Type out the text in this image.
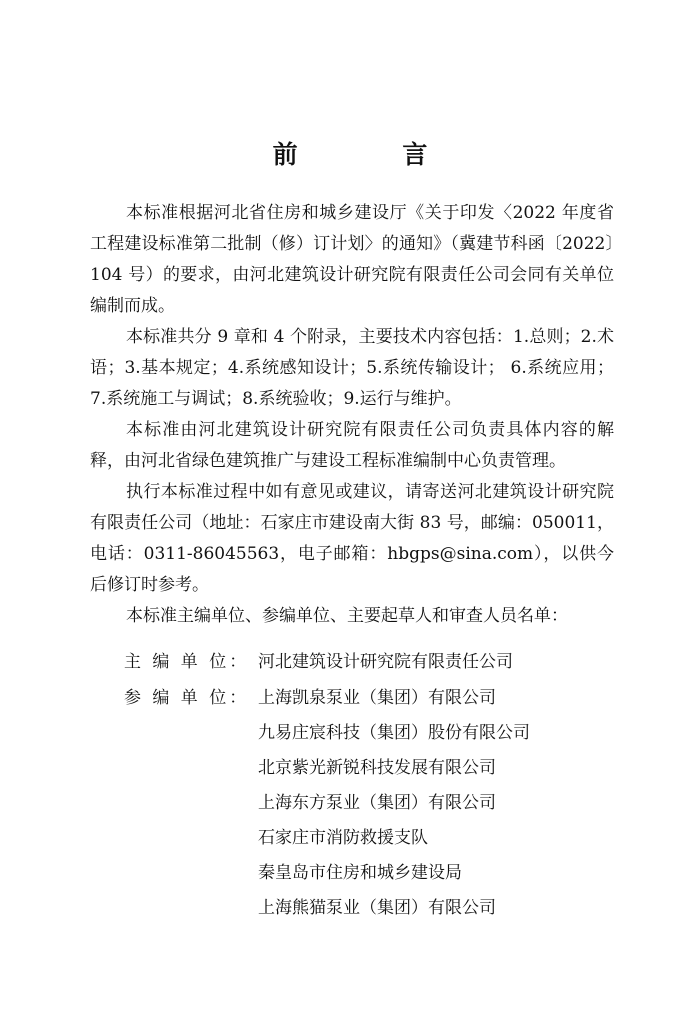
前 言

本标准根据河北省住房和城乡建设厅《关于印发〈2022 年度省工程建设标准第二批制（修）订计划〉的通知》（冀建节科函〔2022〕104 号）的要求，由河北建筑设计研究院有限责任公司会同有关单位编制而成。

本标准共分 9 章和 4 个附录，主要技术内容包括：1.总则；2.术语；3.基本规定；4.系统感知设计；5.系统传输设计； 6.系统应用；7.系统施工与调试；8.系统验收；9.运行与维护。

本标准由河北建筑设计研究院有限责任公司负责具体内容的解释，由河北省绿色建筑推广与建设工程标准编制中心负责管理。

执行本标准过程中如有意见或建议，请寄送河北建筑设计研究院有限责任公司（地址：石家庄市建设南大街 83 号，邮编：050011，电话：0311-86045563，电子邮箱：hbgps@sina.com），以供今后修订时参考。

本标准主编单位、参编单位、主要起草人和审查人员名单：

主 编 单 位： 河北建筑设计研究院有限责任公司
参 编 单 位： 上海凯泉泵业（集团）有限公司
九易庄宸科技（集团）股份有限公司
北京紫光新锐科技发展有限公司
上海东方泵业（集团）有限公司
石家庄市消防救援支队
秦皇岛市住房和城乡建设局
上海熊猫泵业（集团）有限公司
